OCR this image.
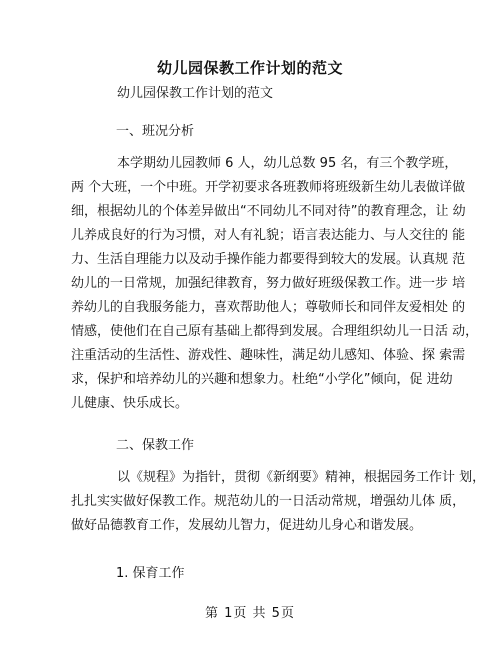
幼儿园保教工作计划的范文
幼儿园保教工作计划的范文
一、班况分析
本学期幼儿园教师 6 人，幼儿总数 95 名，有三个教学班，
两 个大班，一个中班。开学初要求各班教师将班级新生幼儿表做详做
细，根据幼儿的个体差异做出“不同幼儿不同对待”的教育理念，让 幼
儿养成良好的行为习惯，对人有礼貌；语言表达能力、与人交往的 能
力、生活自理能力以及动手操作能力都要得到较大的发展。认真规 范
幼儿的一日常规，加强纪律教育，努力做好班级保教工作。进一步 培
养幼儿的自我服务能力，喜欢帮助他人；尊敬师长和同伴友爱相处 的
情感，使他们在自己原有基础上都得到发展。合理组织幼儿一日活 动，
注重活动的生活性、游戏性、趣味性，满足幼儿感知、体验、探 索需
求，保护和培养幼儿的兴趣和想象力。杜绝“小学化”倾向，促 进幼
儿健康、快乐成长。
二、保教工作
以《规程》为指针，贯彻《新纲要》精神，根据园务工作计 划，
扎扎实实做好保教工作。规范幼儿的一日活动常规，增强幼儿体 质，
做好品德教育工作，发展幼儿智力，促进幼儿身心和谐发展。
1. 保育工作
第 1页 共 5页
